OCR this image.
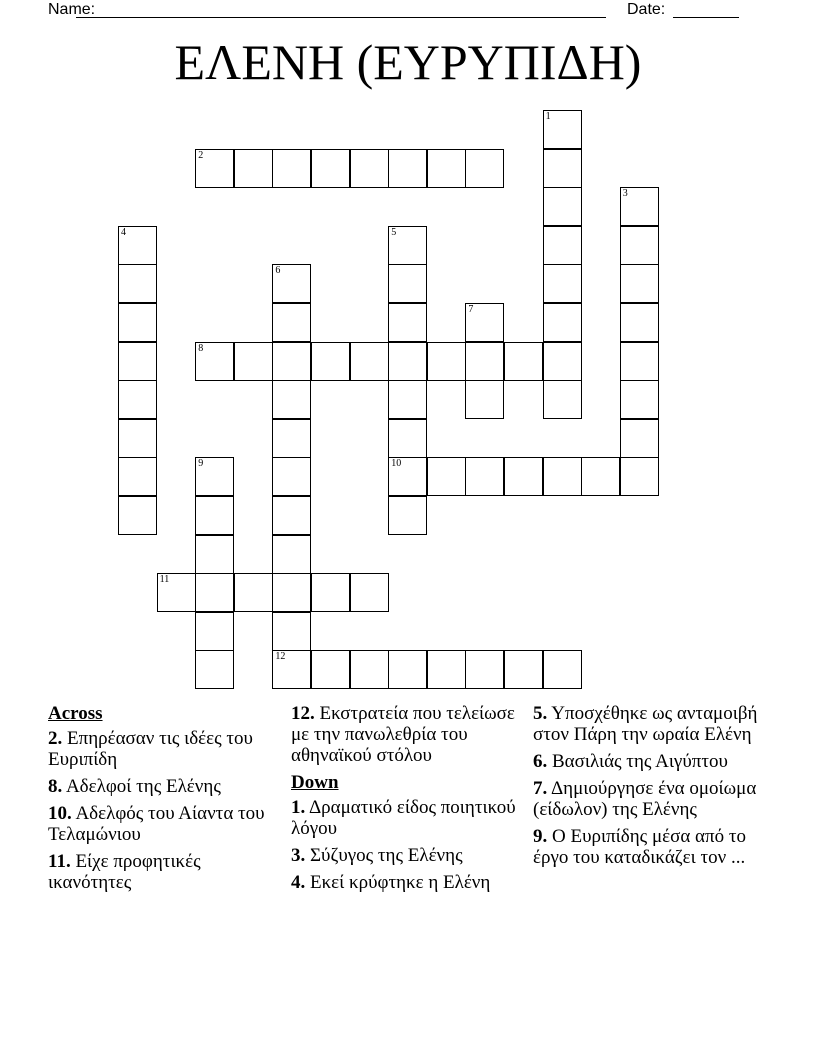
Name:	Date:
ΕΛΕΝΗ (ΕΥΡΥΠΙΔΗ)
1
2
3
4	5
6
7
8
9	10
11
12
Across
2. Επηρέασαν τις ιδέες του Ευριπίδη
8. Αδελφοί της Ελένης
10. Αδελφός του Αίαντα του Τελαμώνιου
11. Είχε προφητικές ικανότητες
12. Εκστρατεία που τελείωσε με την πανωλεθρία του αθηναϊκού στόλου
Down
1. Δραματικό είδος ποιητικού λόγου
3. Σύζυγος της Ελένης
4. Εκεί κρύφτηκε η Ελένη
5. Υποσχέθηκε ως ανταμοιβή στον Πάρη την ωραία Ελένη
6. Βασιλιάς της Αιγύπτου
7. Δημιούργησε ένα ομοίωμα (είδωλον) της Ελένης
9. Ο Ευριπίδης μέσα από το έργο του καταδικάζει τον ...
